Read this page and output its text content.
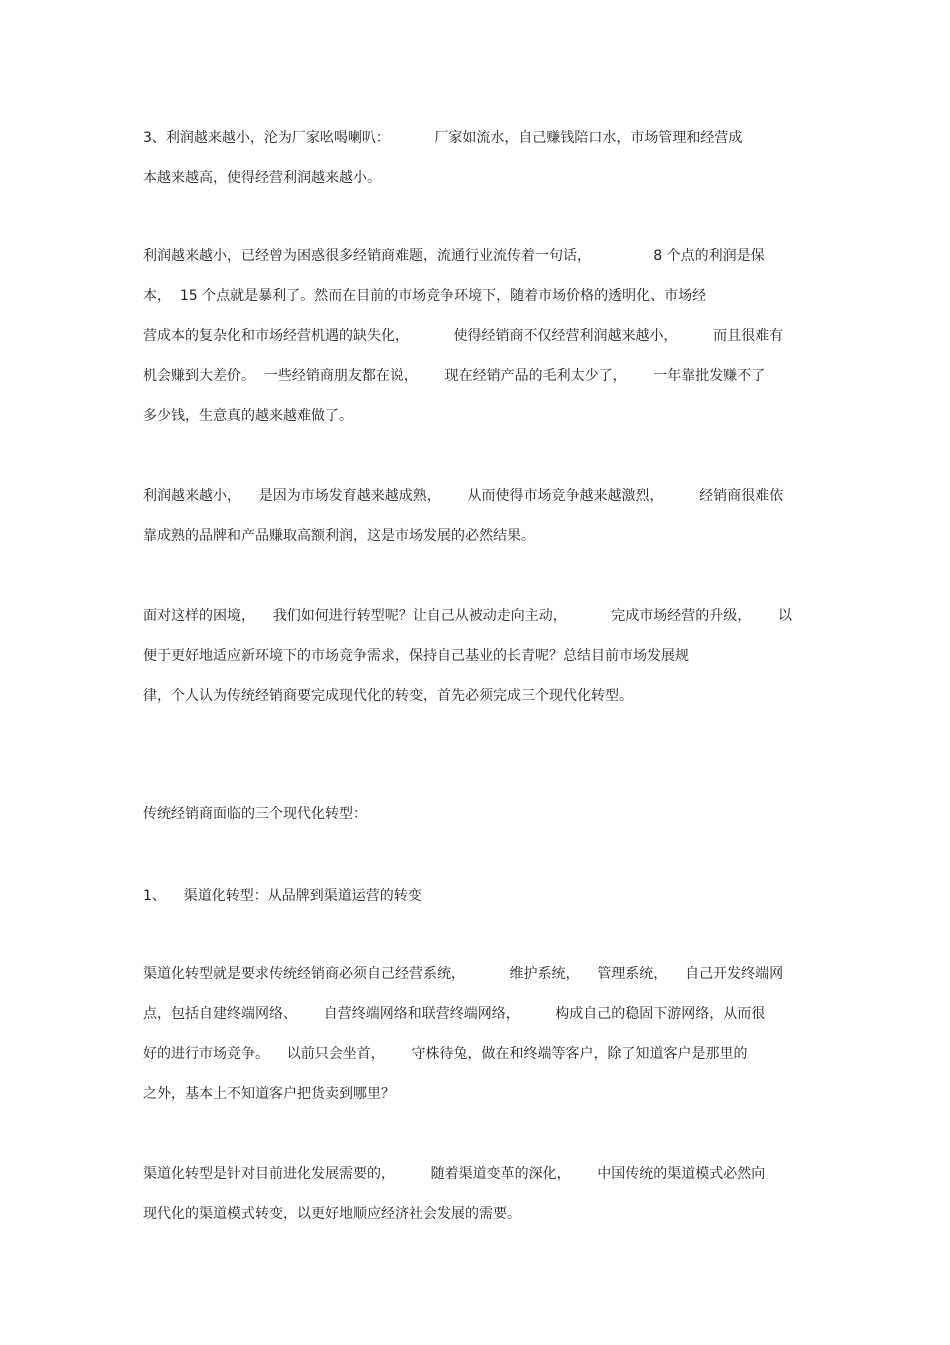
3、利润越来越小，沦为厂家吆喝喇叭：          厂家如流水，自己赚钱陪口水，市场管理和经营成
本越来越高，使得经营利润越来越小。
利润越来越小，已经曾为困惑很多经销商难题，流通行业流传着一句话，              8 个点的利润是保
本，  15 个点就是暴利了。然而在目前的市场竞争环境下，随着市场价格的透明化、市场经
营成本的复杂化和市场经营机遇的缺失化，          使得经销商不仅经营利润越来越小，        而且很难有
机会赚到大差价。  一些经销商朋友都在说，      现在经销产品的毛利太少了，      一年靠批发赚不了
多少钱，生意真的越来越难做了。
利润越来越小，    是因为市场发育越来越成熟，      从而使得市场竞争越来越激烈，        经销商很难依
靠成熟的品牌和产品赚取高额利润，这是市场发展的必然结果。
面对这样的困境，    我们如何进行转型呢？让自己从被动走向主动，          完成市场经营的升级，      以
便于更好地适应新环境下的市场竞争需求，保持自己基业的长青呢？总结目前市场发展规
律，个人认为传统经销商要完成现代化的转变，首先必须完成三个现代化转型。
传统经销商面临的三个现代化转型：
1、    渠道化转型：从品牌到渠道运营的转变
渠道化转型就是要求传统经销商必须自己经营系统，          维护系统，    管理系统，    自己开发终端网
点，包括自建终端网络、      自营终端网络和联营终端网络，        构成自己的稳固下游网络，从而很
好的进行市场竞争。    以前只会坐首，      守株待兔，做在和终端等客户，除了知道客户是那里的
之外，基本上不知道客户把货卖到哪里？
渠道化转型是针对目前进化发展需要的，        随着渠道变革的深化，      中国传统的渠道模式必然向
现代化的渠道模式转变，以更好地顺应经济社会发展的需要。
